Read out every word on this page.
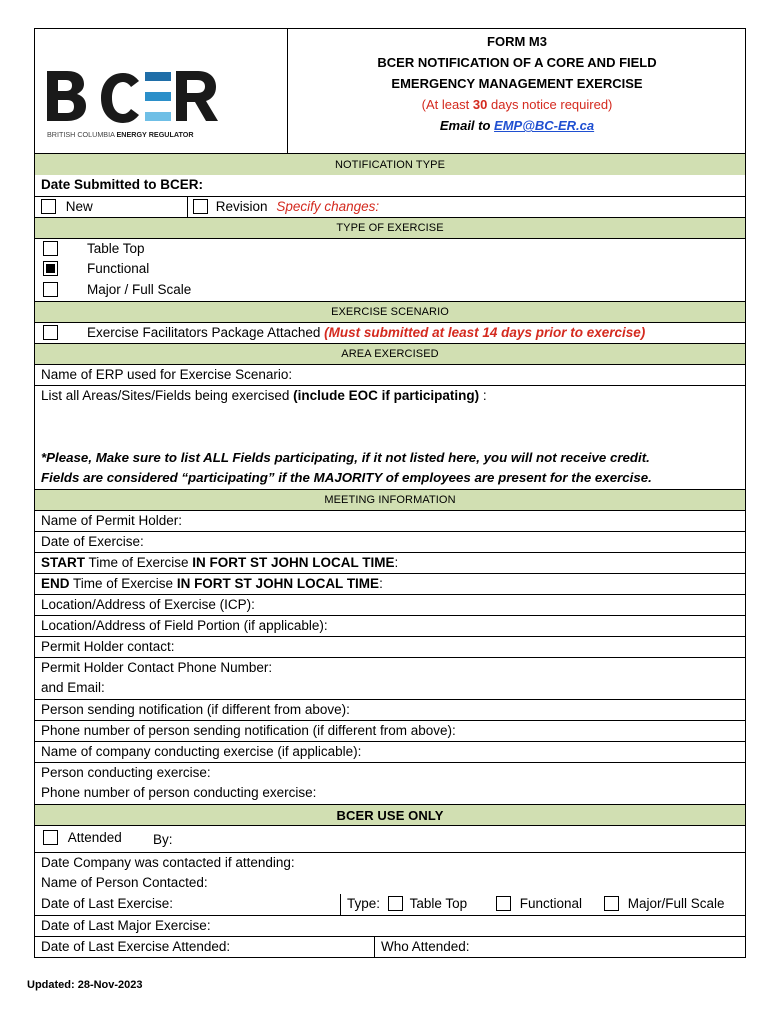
BRITISH COLUMBIA ENERGY REGULATOR
FORM M3
BCER NOTIFICATION OF A CORE AND FIELD
EMERGENCY MANAGEMENT EXERCISE
(At least 30 days notice required)
Email to EMP@BC-ER.ca
NOTIFICATION TYPE
Date Submitted to BCER:
New	Revision Specify changes:
TYPE OF EXERCISE
Table Top
Functional
Major / Full Scale
EXERCISE SCENARIO
Exercise Facilitators Package Attached (Must submitted at least 14 days prior to exercise)
AREA EXERCISED
Name of ERP used for Exercise Scenario:
List all Areas/Sites/Fields being exercised (include EOC if participating) :
*Please, Make sure to list ALL Fields participating, if it not listed here, you will not receive credit.
Fields are considered “participating” if the MAJORITY of employees are present for the exercise.
MEETING INFORMATION
Name of Permit Holder:
Date of Exercise:
START Time of Exercise IN FORT ST JOHN LOCAL TIME:
END Time of Exercise IN FORT ST JOHN LOCAL TIME:
Location/Address of Exercise (ICP):
Location/Address of Field Portion (if applicable):
Permit Holder contact:
Permit Holder Contact Phone Number:
and Email:
Person sending notification (if different from above):
Phone number of person sending notification (if different from above):
Name of company conducting exercise (if applicable):
Person conducting exercise:
Phone number of person conducting exercise:
BCER USE ONLY
Attended By:
Date Company was contacted if attending:
Name of Person Contacted:
Date of Last Exercise:	Type: Table Top	Functional	Major/Full Scale
Date of Last Major Exercise:
Date of Last Exercise Attended:	Who Attended:
Updated: 28-Nov-2023
